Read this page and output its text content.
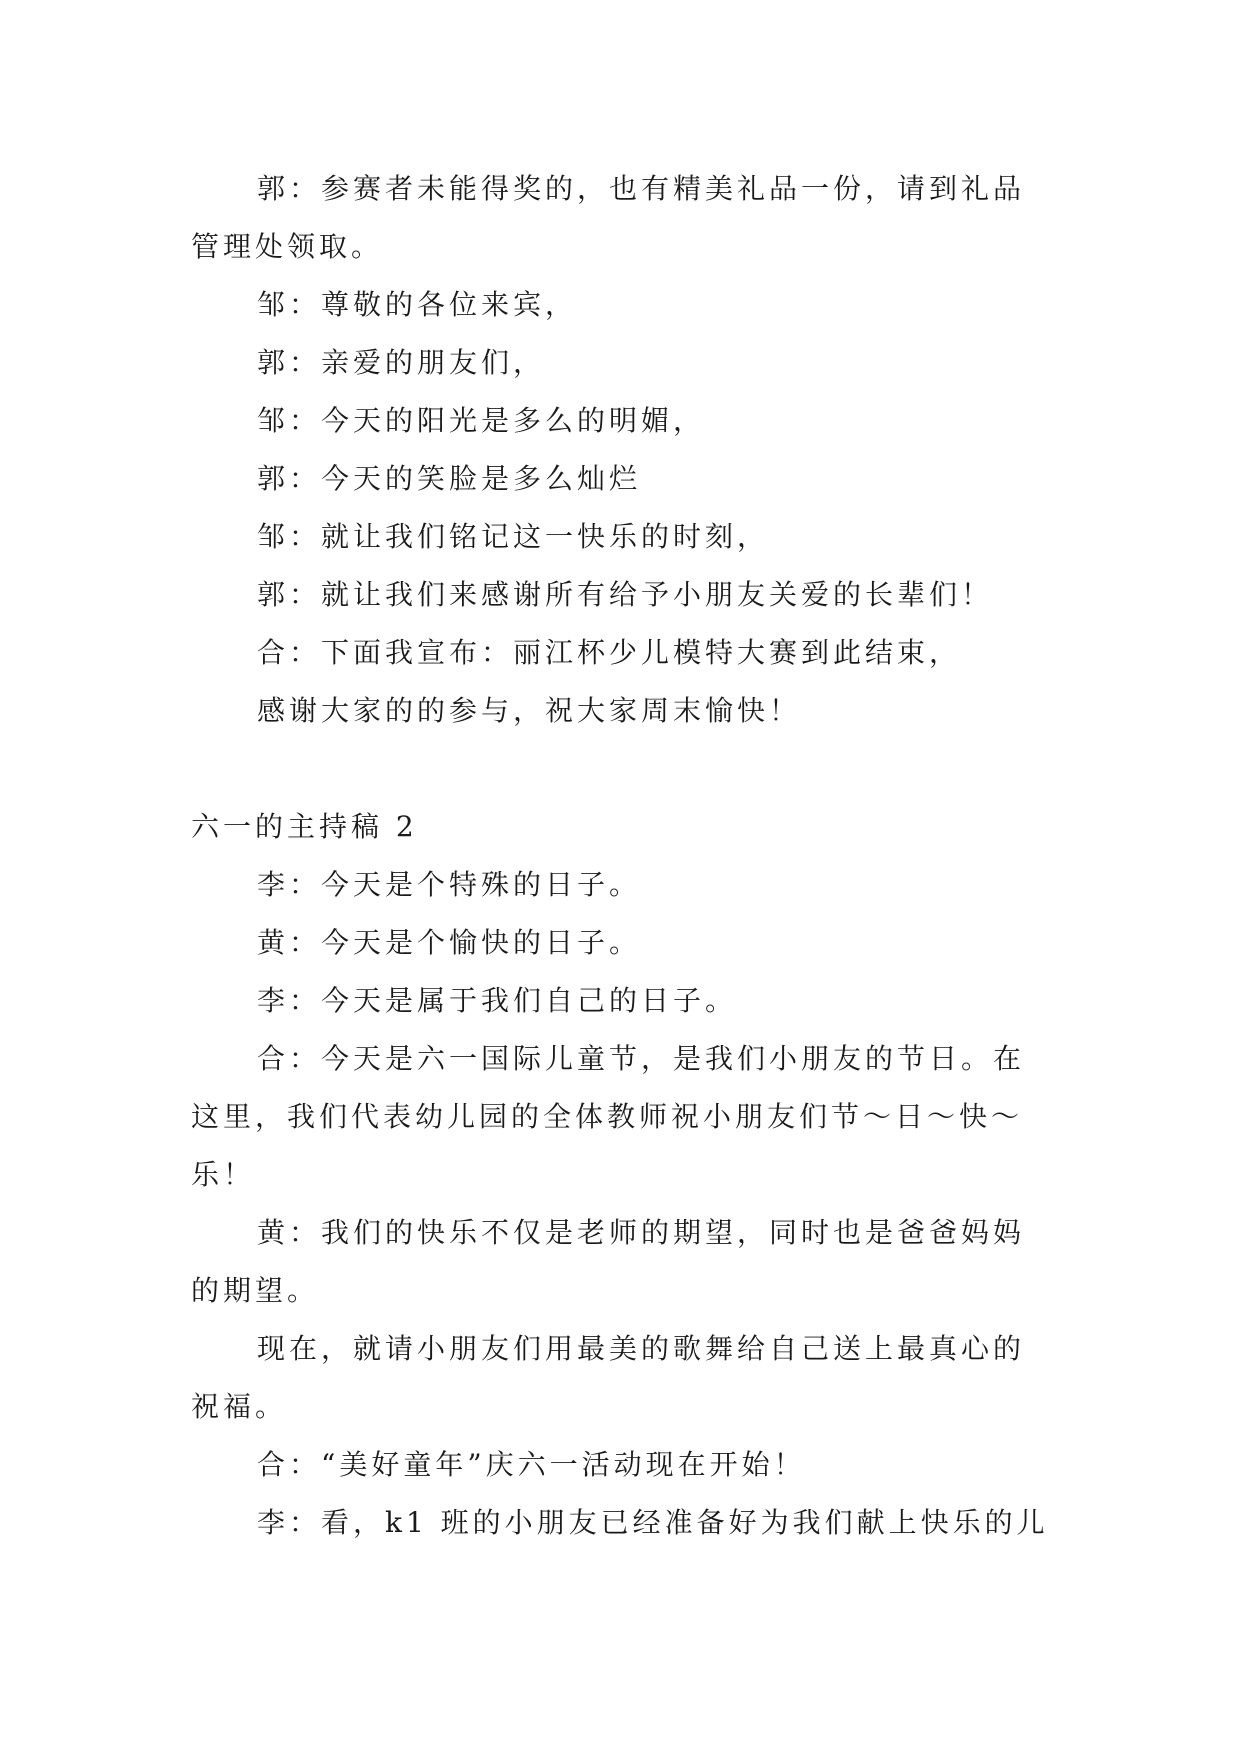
郭：参赛者未能得奖的，也有精美礼品一份，请到礼品管理处领取。

邹：尊敬的各位来宾，

郭：亲爱的朋友们，

邹：今天的阳光是多么的明媚，

郭：今天的笑脸是多么灿烂

邹：就让我们铭记这一快乐的时刻，

郭：就让我们来感谢所有给予小朋友关爱的长辈们！

合：下面我宣布：丽江杯少儿模特大赛到此结束，

感谢大家的的参与，祝大家周末愉快！

六一的主持稿 2

李：今天是个特殊的日子。

黄：今天是个愉快的日子。

李：今天是属于我们自己的日子。

合：今天是六一国际儿童节，是我们小朋友的节日。在这里，我们代表幼儿园的全体教师祝小朋友们节～日～快～乐！

黄：我们的快乐不仅是老师的期望，同时也是爸爸妈妈的期望。

现在，就请小朋友们用最美的歌舞给自己送上最真心的祝福。

合：“美好童年”庆六一活动现在开始！

李：看，k1 班的小朋友已经准备好为我们献上快乐的儿
